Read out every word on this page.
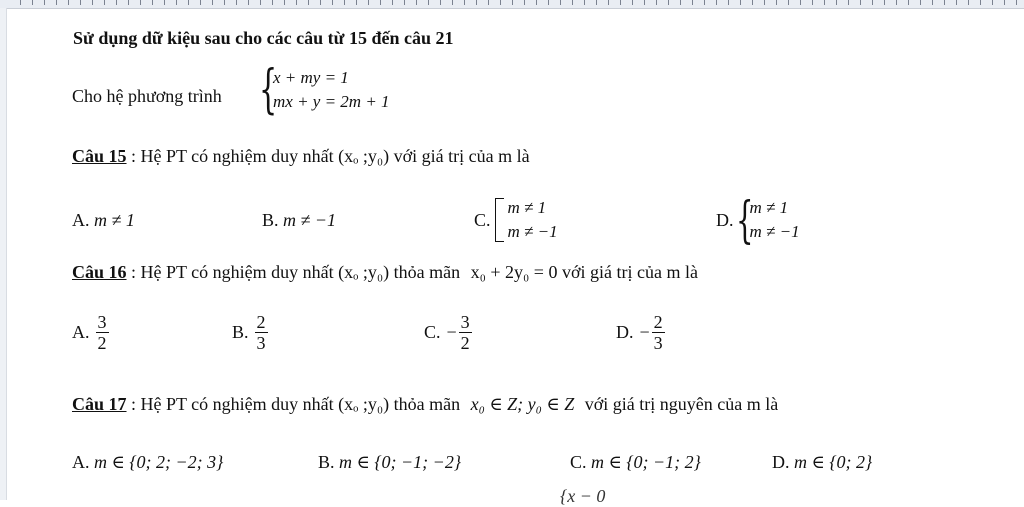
Sử dụng dữ kiệu sau cho các câu từ 15 đến câu 21
Cho hệ phương trình {
x + my = 1
mx + y = 2m + 1
Câu 15 : Hệ PT có nghiệm duy nhất (xₒ ;y₀) với giá trị của m là
A. m ≠ 1	B. m ≠ −1	C.
m ≠ 1
m ≠ −1
D. {
m ≠ 1
m ≠ −1
Câu 16 : Hệ PT có nghiệm duy nhất (xₒ ;y₀) thỏa mãn x₀ + 2y₀ = 0 với giá trị của m là
A. $\frac{3}{2}$	B. $\frac{2}{3}$	C. − $\frac{3}{2}$	D. − $\frac{2}{3}$
Câu 17 : Hệ PT có nghiệm duy nhất (xₒ ;y₀) thỏa mãn x₀ ∈ Z; y₀ ∈ Z với giá trị nguyên của m là
A. m ∈ {0; 2; −2; 3}	B. m ∈ {0; −1; −2}	C. m ∈ {0; −1; 2}	D. m ∈ {0; 2}
{x − 0
